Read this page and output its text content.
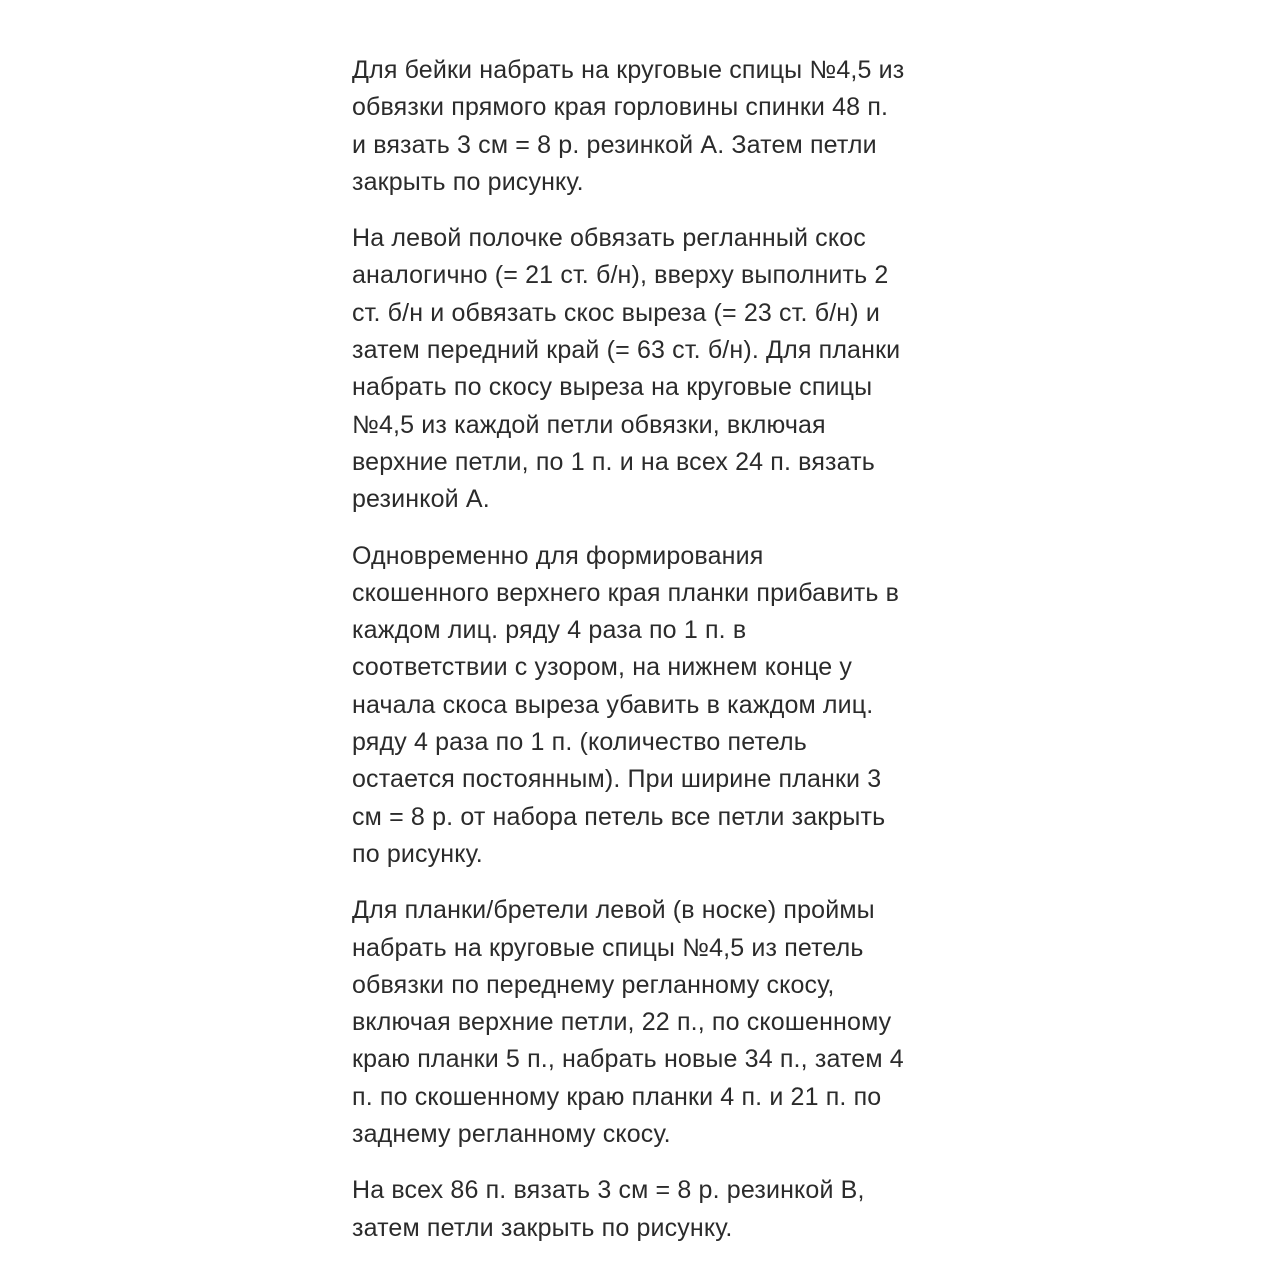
Для бейки набрать на круговые спицы №4,5 из
обвязки прямого края горловины спинки 48 п.
и вязать 3 см = 8 р. резинкой А. Затем петли
закрыть по рисунку.

На левой полочке обвязать регланный скос
аналогично (= 21 ст. б/н), вверху выполнить 2
ст. б/н и обвязать скос выреза (= 23 ст. б/н) и
затем передний край (= 63 ст. б/н). Для планки
набрать по скосу выреза на круговые спицы
№4,5 из каждой петли обвязки, включая
верхние петли, по 1 п. и на всех 24 п. вязать
резинкой А.

Одновременно для формирования
скошенного верхнего края планки прибавить в
каждом лиц. ряду 4 раза по 1 п. в
соответствии с узором, на нижнем конце у
начала скоса выреза убавить в каждом лиц.
ряду 4 раза по 1 п. (количество петель
остается постоянным). При ширине планки 3
см = 8 р. от набора петель все петли закрыть
по рисунку.

Для планки/бретели левой (в носке) проймы
набрать на круговые спицы №4,5 из петель
обвязки по переднему регланному скосу,
включая верхние петли, 22 п., по скошенному
краю планки 5 п., набрать новые 34 п., затем 4
п. по скошенному краю планки 4 п. и 21 п. по
заднему регланному скосу.

На всех 86 п. вязать 3 см = 8 р. резинкой В,
затем петли закрыть по рисунку.
